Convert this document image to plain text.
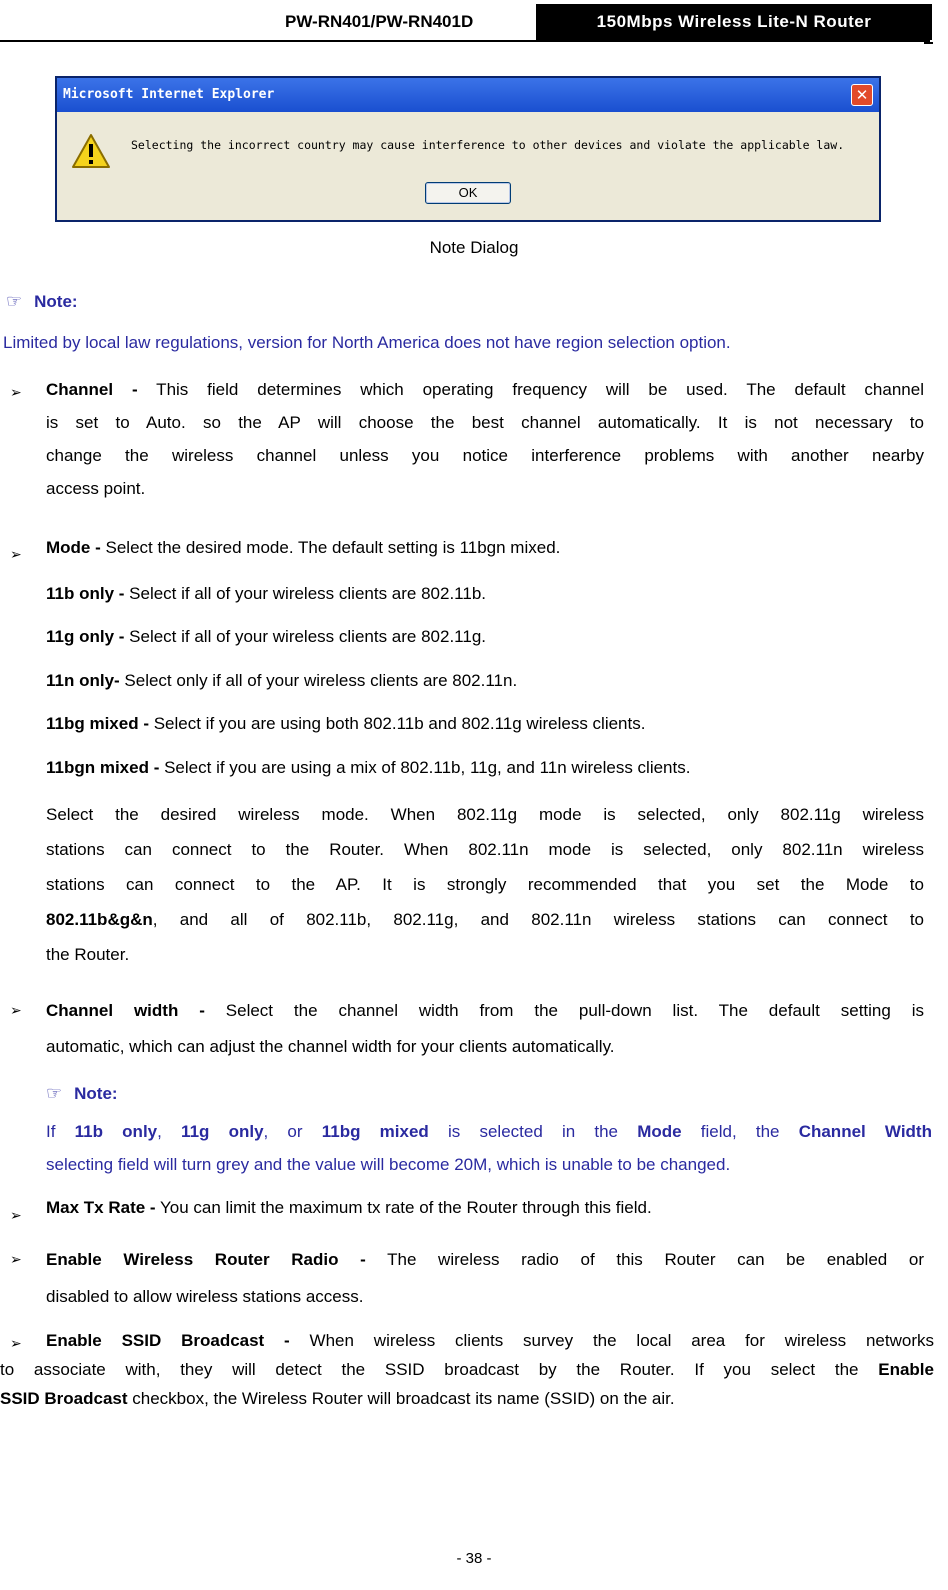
PW-RN401/PW-RN401D	150Mbps Wireless Lite-N Router
Microsoft Internet Explorer	✕
Selecting the incorrect country may cause interference to other devices and violate the applicable law.
OK
Note Dialog
☞ Note:
Limited by local law regulations, version for North America does not have region selection option.
➢ Channel - This field determines which operating frequency will be used. The default channel
is set to Auto. so the AP will choose the best channel automatically. It is not necessary to
change the wireless channel unless you notice interference problems with another nearby
access point.
➢ Mode - Select the desired mode. The default setting is 11bgn mixed.
11b only - Select if all of your wireless clients are 802.11b.
11g only - Select if all of your wireless clients are 802.11g.
11n only- Select only if all of your wireless clients are 802.11n.
11bg mixed - Select if you are using both 802.11b and 802.11g wireless clients.
11bgn mixed - Select if you are using a mix of 802.11b, 11g, and 11n wireless clients.
Select the desired wireless mode. When 802.11g mode is selected, only 802.11g wireless
stations can connect to the Router. When 802.11n mode is selected, only 802.11n wireless
stations can connect to the AP. It is strongly recommended that you set the Mode to
802.11b&g&n, and all of 802.11b, 802.11g, and 802.11n wireless stations can connect to
the Router.
➢ Channel width - Select the channel width from the pull-down list. The default setting is
automatic, which can adjust the channel width for your clients automatically.
☞ Note:
If 11b only, 11g only, or 11bg mixed is selected in the Mode field, the Channel Width
selecting field will turn grey and the value will become 20M, which is unable to be changed.
➢ Max Tx Rate - You can limit the maximum tx rate of the Router through this field.
➢ Enable Wireless Router Radio - The wireless radio of this Router can be enabled or
disabled to allow wireless stations access.
➢ Enable SSID Broadcast - When wireless clients survey the local area for wireless networks
to associate with, they will detect the SSID broadcast by the Router. If you select the Enable
SSID Broadcast checkbox, the Wireless Router will broadcast its name (SSID) on the air.
- 38 -
